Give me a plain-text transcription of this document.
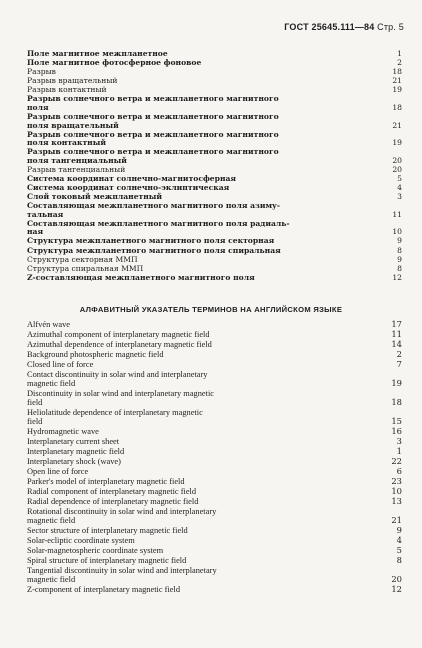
ГОСТ 25645.111—84 Стр. 5
Поле магнитное межпланетное	1
Поле магнитное фотосферное фоновое	2
Разрыв	18
Разрыв вращательный	21
Разрыв контактный	19
Разрыв солнечного ветра и межпланетного магнитного
поля	18
Разрыв солнечного ветра и межпланетного магнитного
поля вращательный	21
Разрыв солнечного ветра и межпланетного магнитного
поля контактный	19
Разрыв солнечного ветра и межпланетного магнитного
поля тангенциальный	20
Разрыв тангенциальный	20
Система координат солнечно-магнитосферная	5
Система координат солнечно-эклиптическая	4
Слой токовый межпланетный	3
Составляющая межпланетного магнитного поля азиму-
тальная	11
Составляющая межпланетного магнитного поля радиаль-
ная	10
Структура межпланетного магнитного поля секторная	9
Структура межпланетного магнитного поля спиральная	8
Структура секторная ММП	9
Структура спиральная ММП	8
Z-составляющая межпланетного магнитного поля	12
АЛФАВИТНЫЙ УКАЗАТЕЛЬ ТЕРМИНОВ НА АНГЛИЙСКОМ ЯЗЫКЕ
Alfvén wave	17
Azimuthal component of interplanetary magnetic field	11
Azimuthal dependence of interplanetary magnetic field	14
Background photospheric magnetic field	2
Closed line of force	7
Contact discontinuity in solar wind and interplanetary
magnetic field	19
Discontinuity in solar wind and interplanetary magnetic
field	18
Heliolatitude dependence of interplanetary magnetic
field	15
Hydromagnetic wave	16
Interplanetary current sheet	3
Interplanetary magnetic field	1
Interplanetary shock (wave)	22
Open line of force	6
Parker's model of interplanetary magnetic field	23
Radial component of interplanetary magnetic field	10
Radial dependence of interplanetary magnetic field	13
Rotational discontinuity in solar wind and interplanetary
magnetic field	21
Sector structure of interplanetary magnetic field	9
Solar-ecliptic coordinate system	4
Solar-magnetospheric coordinate system	5
Spiral structure of interplanetary magnetic field	8
Tangential discontinuity in solar wind and interplanetary
magnetic field	20
Z-component of interplanetary magnetic field	12
